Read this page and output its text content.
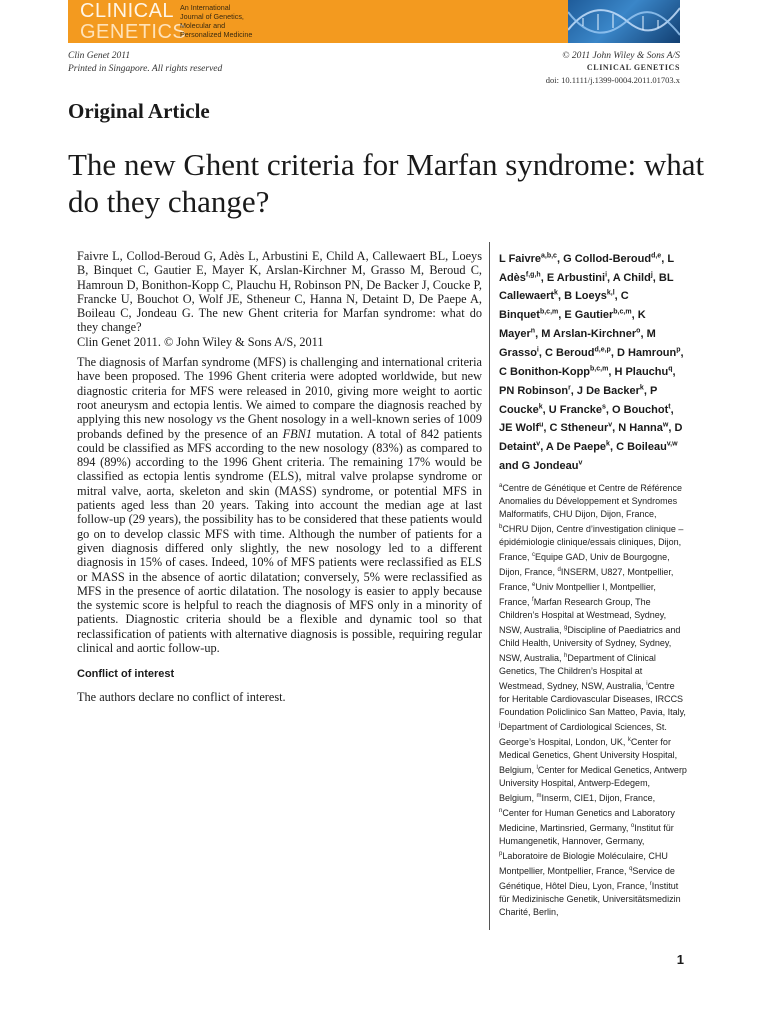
CLINICAL
GENETICS
An International
Journal of Genetics,
Molecular and
Personalized Medicine
Clin Genet 2011
Printed in Singapore. All rights reserved
© 2011 John Wiley & Sons A/S
CLINICAL GENETICS
doi: 10.1111/j.1399-0004.2011.01703.x
Original Article
The new Ghent criteria for Marfan syndrome: what do they change?

Faivre L, Collod-Beroud G, Adès L, Arbustini E, Child A, Callewaert BL, Loeys B, Binquet C, Gautier E, Mayer K, Arslan-Kirchner M, Grasso M, Beroud C, Hamroun D, Bonithon-Kopp C, Plauchu H, Robinson PN, De Backer J, Coucke P, Francke U, Bouchot O, Wolf JE, Stheneur C, Hanna N, Detaint D, De Paepe A, Boileau C, Jondeau G. The new Ghent criteria for Marfan syndrome: what do they change?

Clin Genet 2011. © John Wiley & Sons A/S, 2011

The diagnosis of Marfan syndrome (MFS) is challenging and international criteria have been proposed. The 1996 Ghent criteria were adopted worldwide, but new diagnostic criteria for MFS were released in 2010, giving more weight to aortic root aneurysm and ectopia lentis. We aimed to compare the diagnosis reached by applying this new nosology vs the Ghent nosology in a well-known series of 1009 probands defined by the presence of an FBN1 mutation. A total of 842 patients could be classified as MFS according to the new nosology (83%) as compared to 894 (89%) according to the 1996 Ghent criteria. The remaining 17% would be classified as ectopia lentis syndrome (ELS), mitral valve prolapse syndrome or mitral valve, aorta, skeleton and skin (MASS) syndrome, or potential MFS in patients aged less than 20 years. Taking into account the median age at last follow-up (29 years), the possibility has to be considered that these patients would go on to develop classic MFS with time. Although the number of patients for a given diagnosis differed only slightly, the new nosology led to a different diagnosis in 15% of cases. Indeed, 10% of MFS patients were reclassified as ELS or MASS in the absence of aortic dilatation; conversely, 5% were reclassified as MFS in the presence of aortic dilatation. The nosology is easier to apply because the systemic score is helpful to reach the diagnosis of MFS only in a minority of patients. Diagnostic criteria should be a flexible and dynamic tool so that reclassification of patients with alternative diagnosis is possible, requiring regular clinical and aortic follow-up.

Conflict of interest
The authors declare no conflict of interest.
L Faivre$^{a,b,c}$, G Collod-Beroud$^{d,e}$, L Adès$^{f,g,h}$, E Arbustini$^i$, A Child$^j$, BL Callewaert$^k$, B Loeys$^{k,l}$, C Binquet$^{b,c,m}$, E Gautier$^{b,c,m}$, K Mayer$^n$, M Arslan-Kirchner$^o$, M Grasso$^i$, C Beroud$^{d,e,p}$, D Hamroun$^p$, C Bonithon-Kopp$^{b,c,m}$, H Plauchu$^q$, PN Robinson$^r$, J De Backer$^k$, P Coucke$^k$, U Francke$^s$, O Bouchot$^t$, JE Wolf$^u$, C Stheneur$^v$, N Hanna$^w$, D Detaint$^v$, A De Paepe$^k$, C Boileau$^{v,w}$ and G Jondeau$^v$
$^a$Centre de Génétique et Centre de Référence Anomalies du Développement et Syndromes Malformatifs, CHU Dijon, Dijon, France, $^b$CHRU Dijon, Centre d’investigation clinique – épidémiologie clinique/essais cliniques, Dijon, France, $^c$Equipe GAD, Univ de Bourgogne, Dijon, France, $^d$INSERM, U827, Montpellier, France, $^e$Univ Montpellier I, Montpellier, France, $^f$Marfan Research Group, The Children’s Hospital at Westmead, Sydney, NSW, Australia, $^g$Discipline of Paediatrics and Child Health, University of Sydney, Sydney, NSW, Australia, $^h$Department of Clinical Genetics, The Children’s Hospital at Westmead, Sydney, NSW, Australia, $^i$Centre for Heritable Cardiovascular Diseases, IRCCS Foundation Policlinico San Matteo, Pavia, Italy, $^j$Department of Cardiological Sciences, St. George’s Hospital, London, UK, $^k$Center for Medical Genetics, Ghent University Hospital, Belgium, $^l$Center for Medical Genetics, Antwerp University Hospital, Antwerp-Edegem, Belgium, $^m$Inserm, CIE1, Dijon, France, $^n$Center for Human Genetics and Laboratory Medicine, Martinsried, Germany, $^o$Institut für Humangenetik, Hannover, Germany, $^p$Laboratoire de Biologie Moléculaire, CHU Montpellier, Montpellier, France, $^q$Service de Génétique, Hôtel Dieu, Lyon, France, $^r$Institut für Medizinische Genetik, Universitätsmedizin Charité, Berlin,
1
